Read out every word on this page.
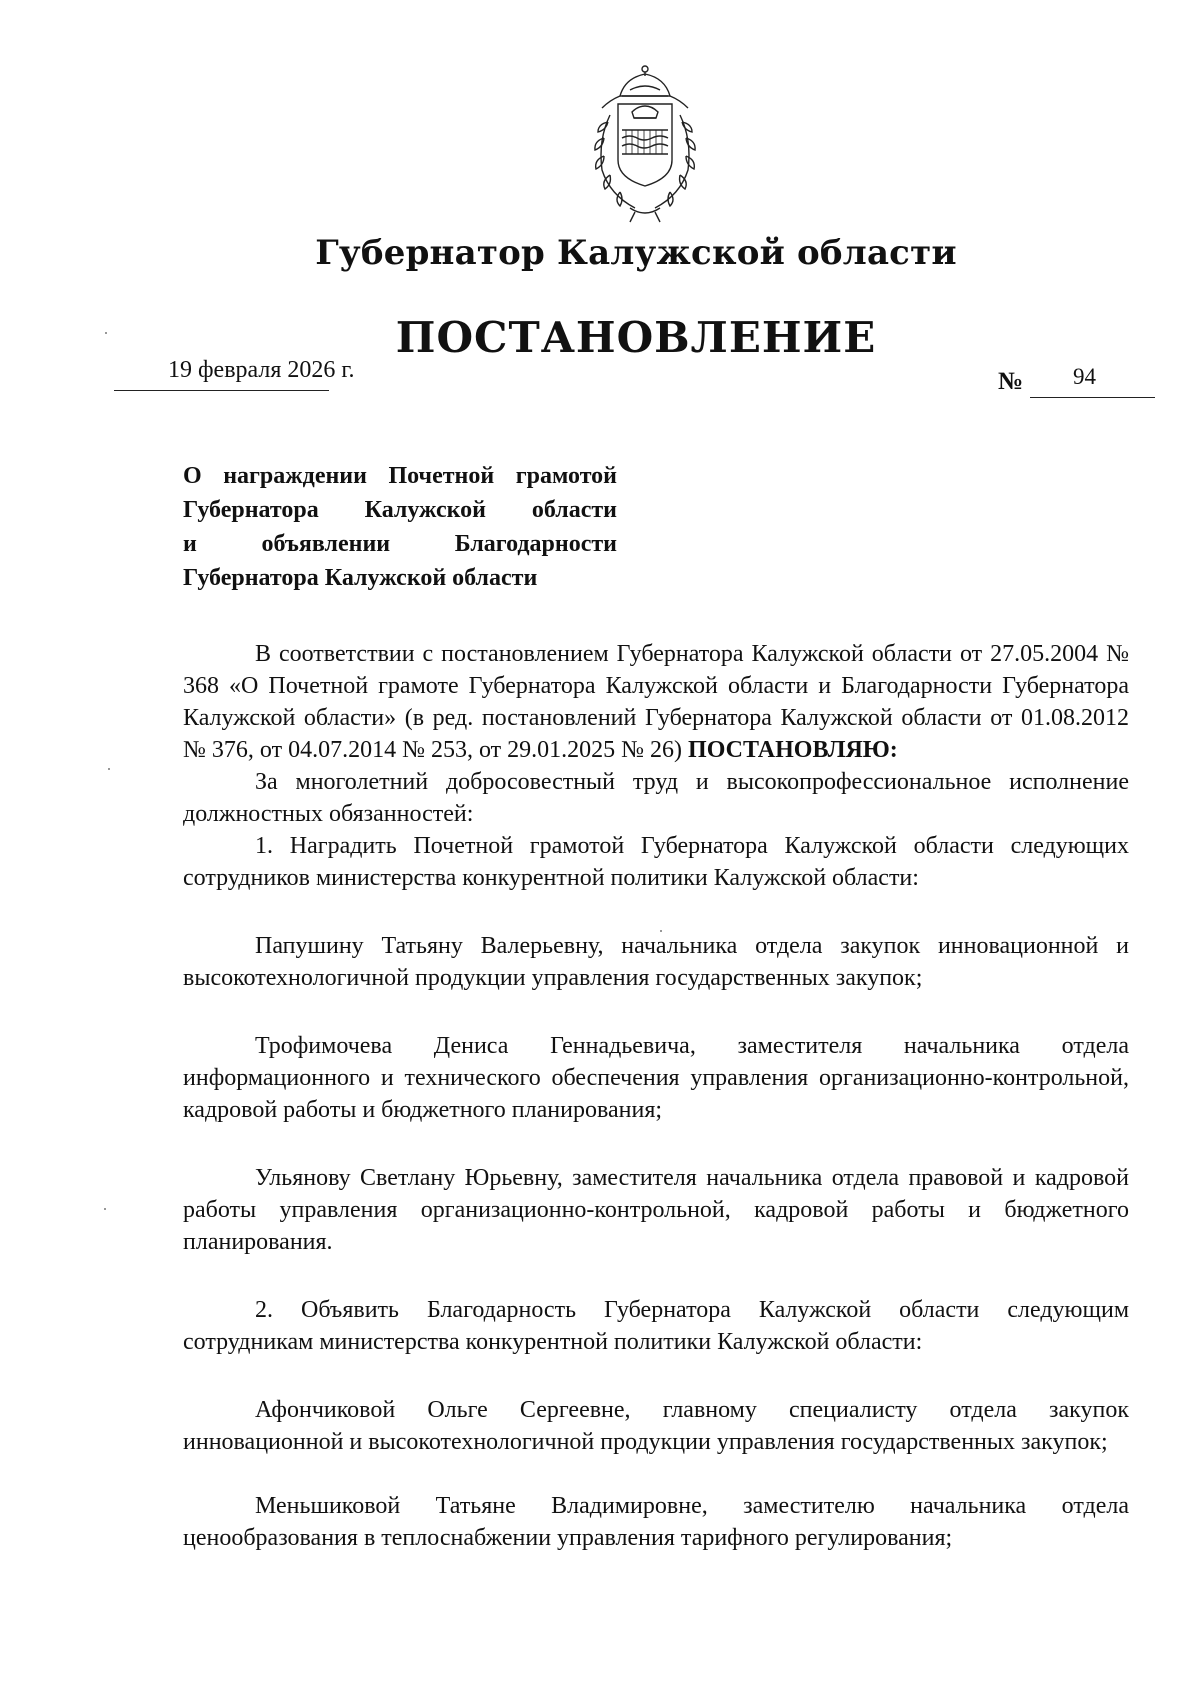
Губернатор Калужской области
ПОСТАНОВЛЕНИЕ
19 февраля 2026 г.	№ 94
О награждении Почетной грамотой
Губернатора Калужской области
и объявлении Благодарности
Губернатора Калужской области

В соответствии с постановлением Губернатора Калужской области от 27.05.2004 № 368 «О Почетной грамоте Губернатора Калужской области и Благодарности Губернатора Калужской области» (в ред. постановлений Губернатора Калужской области от 01.08.2012 № 376, от 04.07.2014 № 253, от 29.01.2025 № 26) ПОСТАНОВЛЯЮ:

За многолетний добросовестный труд и высокопрофессиональное исполнение должностных обязанностей:

1. Наградить Почетной грамотой Губернатора Калужской области следующих сотрудников министерства конкурентной политики Калужской области:

Папушину Татьяну Валерьевну, начальника отдела закупок инновационной и высокотехнологичной продукции управления государственных закупок;

Трофимочева Дениса Геннадьевича, заместителя начальника отдела информационного и технического обеспечения управления организационно-контрольной, кадровой работы и бюджетного планирования;

Ульянову Светлану Юрьевну, заместителя начальника отдела правовой и кадровой работы управления организационно-контрольной, кадровой работы и бюджетного планирования.

2. Объявить Благодарность Губернатора Калужской области следующим сотрудникам министерства конкурентной политики Калужской области:

Афончиковой Ольге Сергеевне, главному специалисту отдела закупок инновационной и высокотехнологичной продукции управления государственных закупок;

Меньшиковой Татьяне Владимировне, заместителю начальника отдела ценообразования в теплоснабжении управления тарифного регулирования;
